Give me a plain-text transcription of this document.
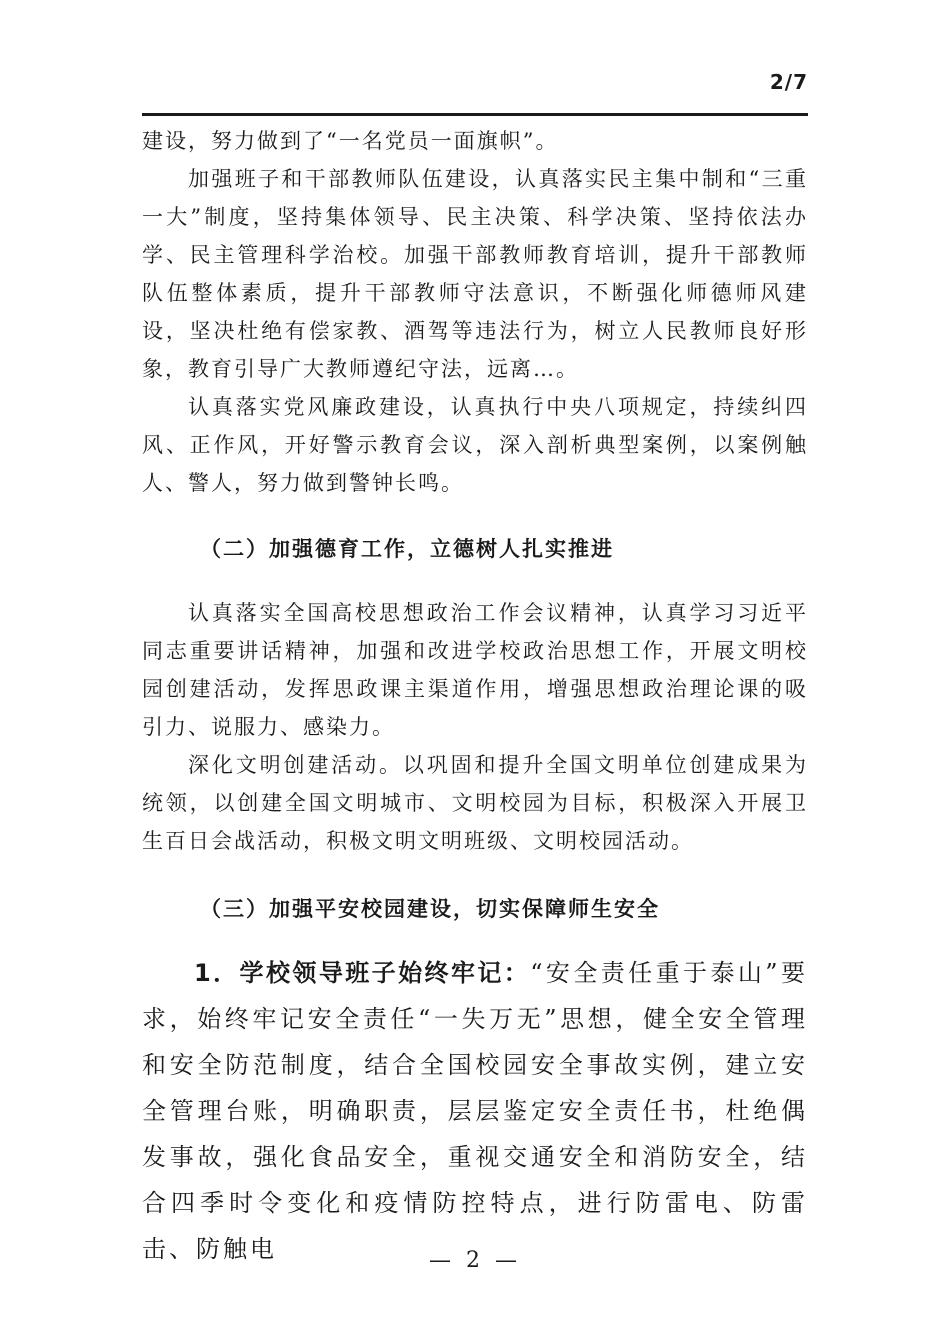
2/7

建设，努力做到了“一名党员一面旗帜”。

加强班子和干部教师队伍建设，认真落实民主集中制和“三重一大”制度，坚持集体领导、民主决策、科学决策、坚持依法办学、民主管理科学治校。加强干部教师教育培训，提升干部教师队伍整体素质，提升干部教师守法意识，不断强化师德师风建设，坚决杜绝有偿家教、酒驾等违法行为，树立人民教师良好形象，教育引导广大教师遵纪守法，远离…。

认真落实党风廉政建设，认真执行中央八项规定，持续纠四风、正作风，开好警示教育会议，深入剖析典型案例，以案例触人、警人，努力做到警钟长鸣。

（二）加强德育工作，立德树人扎实推进

认真落实全国高校思想政治工作会议精神，认真学习习近平同志重要讲话精神，加强和改进学校政治思想工作，开展文明校园创建活动，发挥思政课主渠道作用，增强思想政治理论课的吸引力、说服力、感染力。

深化文明创建活动。以巩固和提升全国文明单位创建成果为统领，以创建全国文明城市、文明校园为目标，积极深入开展卫生百日会战活动，积极文明文明班级、文明校园活动。

（三）加强平安校园建设，切实保障师生安全

1．学校领导班子始终牢记：“安全责任重于泰山”要求，始终牢记安全责任“一失万无”思想，健全安全管理和安全防范制度，结合全国校园安全事故实例，建立安全管理台账，明确职责，层层鉴定安全责任书，杜绝偶发事故，强化食品安全，重视交通安全和消防安全，结合四季时令变化和疫情防控特点，进行防雷电、防雷击、防触电	— 2 —
